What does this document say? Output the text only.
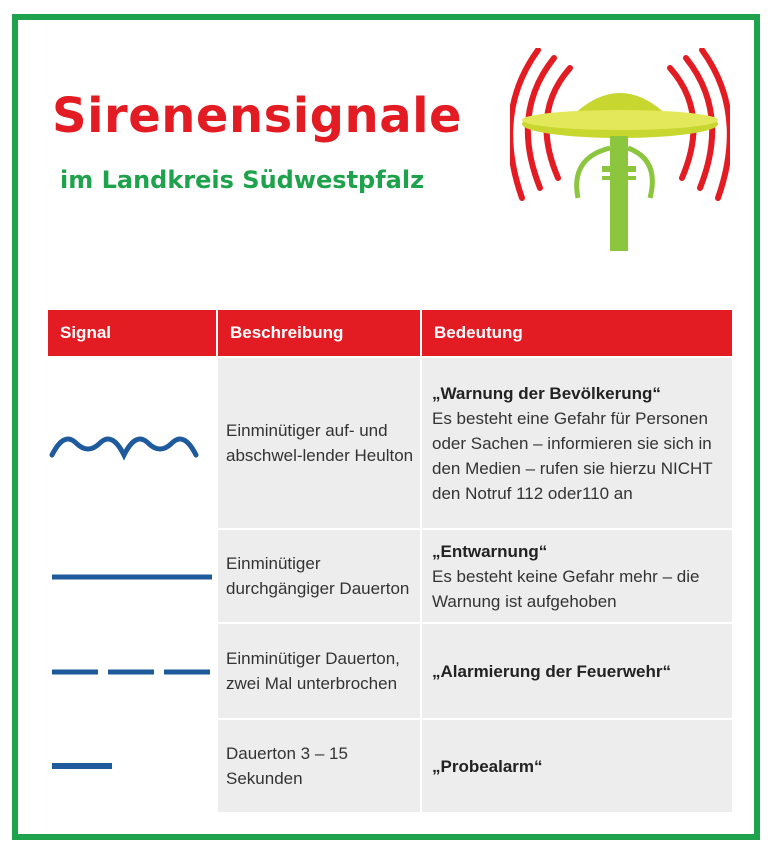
Sirenensignale
im Landkreis Südwestpfalz
Signal	Beschreibung	Bedeutung
Einminütiger auf- und abschwel-lender Heulton
„Warnung der Bevölkerung“
Es besteht eine Gefahr für Personen oder Sachen – informieren sie sich in den Medien – rufen sie hierzu NICHT den Notruf 112 oder110 an
Einminütiger durchgängiger Dauerton
„Entwarnung“
Es besteht keine Gefahr mehr – die Warnung ist aufgehoben
Einminütiger Dauerton, zwei Mal unterbrochen
„Alarmierung der Feuerwehr“
Dauerton 3 – 15 Sekunden
„Probealarm“
